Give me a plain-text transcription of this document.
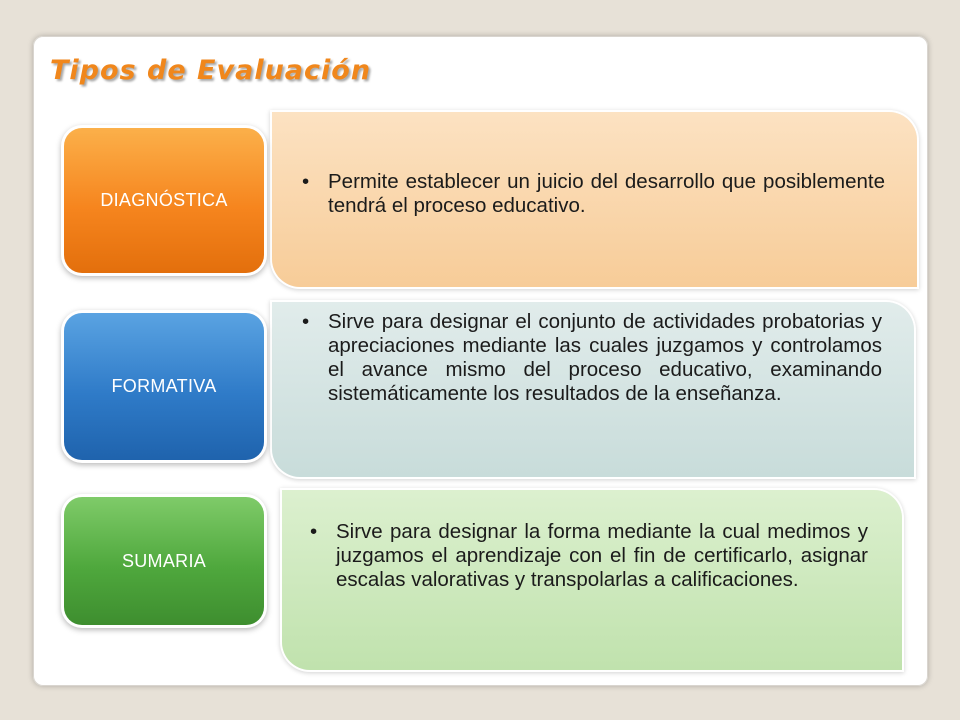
Tipos de Evaluación
• Permite establecer un juicio del desarrollo que posiblemente tendrá el proceso educativo.
DIAGNÓSTICA
• Sirve para designar el conjunto de actividades probatorias y apreciaciones mediante las cuales juzgamos y controlamos el avance mismo del proceso educativo, examinando sistemáticamente los resultados de la enseñanza.
FORMATIVA
• Sirve para designar la forma mediante la cual medimos y juzgamos el aprendizaje con el fin de certificarlo, asignar escalas valorativas y transpolarlas a calificaciones.
SUMARIA
